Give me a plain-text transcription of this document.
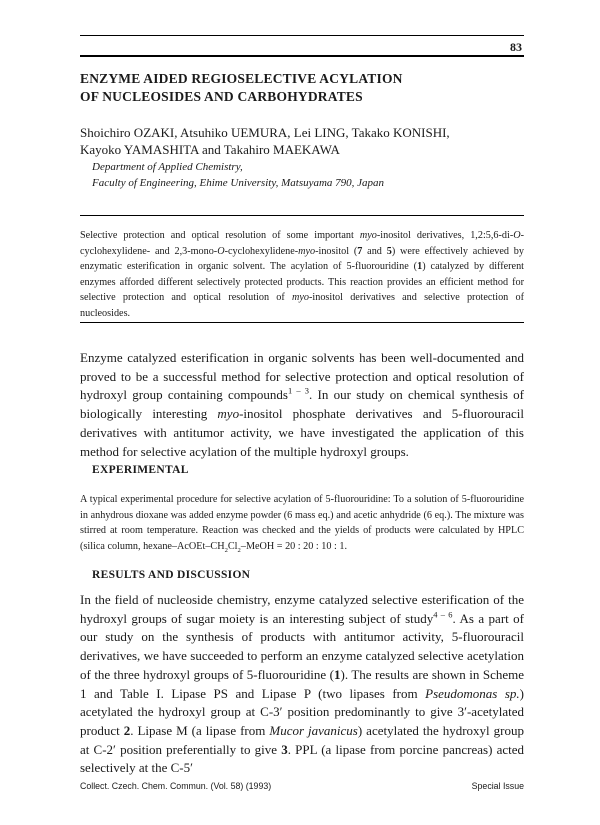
83
ENZYME AIDED REGIOSELECTIVE ACYLATION
OF NUCLEOSIDES AND CARBOHYDRATES
Shoichiro OZAKI, Atsuhiko UEMURA, Lei LING, Takako KONISHI,
Kayoko YAMASHITA and Takahiro MAEKAWA
Department of Applied Chemistry,
Faculty of Engineering, Ehime University, Matsuyama 790, Japan
Selective protection and optical resolution of some important myo-inositol derivatives, 1,2:5,6-di-O-cyclohexylidene- and 2,3-mono-O-cyclohexylidene-myo-inositol (7 and 5) were effectively achieved by enzymatic esterification in organic solvent. The acylation of 5-fluorouridine (1) catalyzed by different enzymes afforded different selectively protected products. This reaction provides an efficient method for selective protection and optical resolution of myo-inositol derivatives and selective protection of nucleosides.
Enzyme catalyzed esterification in organic solvents has been well-documented and proved to be a successful method for selective protection and optical resolution of hydroxyl group containing compounds$^{1 - 3}$. In our study on chemical synthesis of biologically interesting myo-inositol phosphate derivatives and 5-fluorouracil derivatives with antitumor activity, we have investigated the application of this method for selective acylation of the multiple hydroxyl groups.
EXPERIMENTAL
A typical experimental procedure for selective acylation of 5-fluorouridine: To a solution of 5-fluorouridine in anhydrous dioxane was added enzyme powder (6 mass eq.) and acetic anhydride (6 eq.). The mixture was stirred at room temperature. Reaction was checked and the yields of products were calculated by HPLC (silica column, hexane–$AcOEt-CH_2Cl_2$–MeOH = 20 : 20 : 10 : 1.
RESULTS AND DISCUSSION
In the field of nucleoside chemistry, enzyme catalyzed selective esterification of the hydroxyl groups of sugar moiety is an interesting subject of study$^{4 - 6}$. As a part of our study on the synthesis of products with antitumor activity, 5-fluorouracil derivatives, we have succeeded to perform an enzyme catalyzed selective acetylation of the three hydroxyl groups of 5-fluorouridine (1). The results are shown in Scheme 1 and Table I. Lipase PS and Lipase P (two lipases from Pseudomonas sp.) acetylated the hydroxyl group at C-3′ position predominantly to give 3′-acetylated product 2. Lipase M (a lipase from Mucor javanicus) acetylated the hydroxyl group at C-2′ position preferentially to give 3. PPL (a lipase from porcine pancreas) acted selectively at the C-5′
Collect. Czech. Chem. Commun. (Vol. 58) (1993)	Special Issue
